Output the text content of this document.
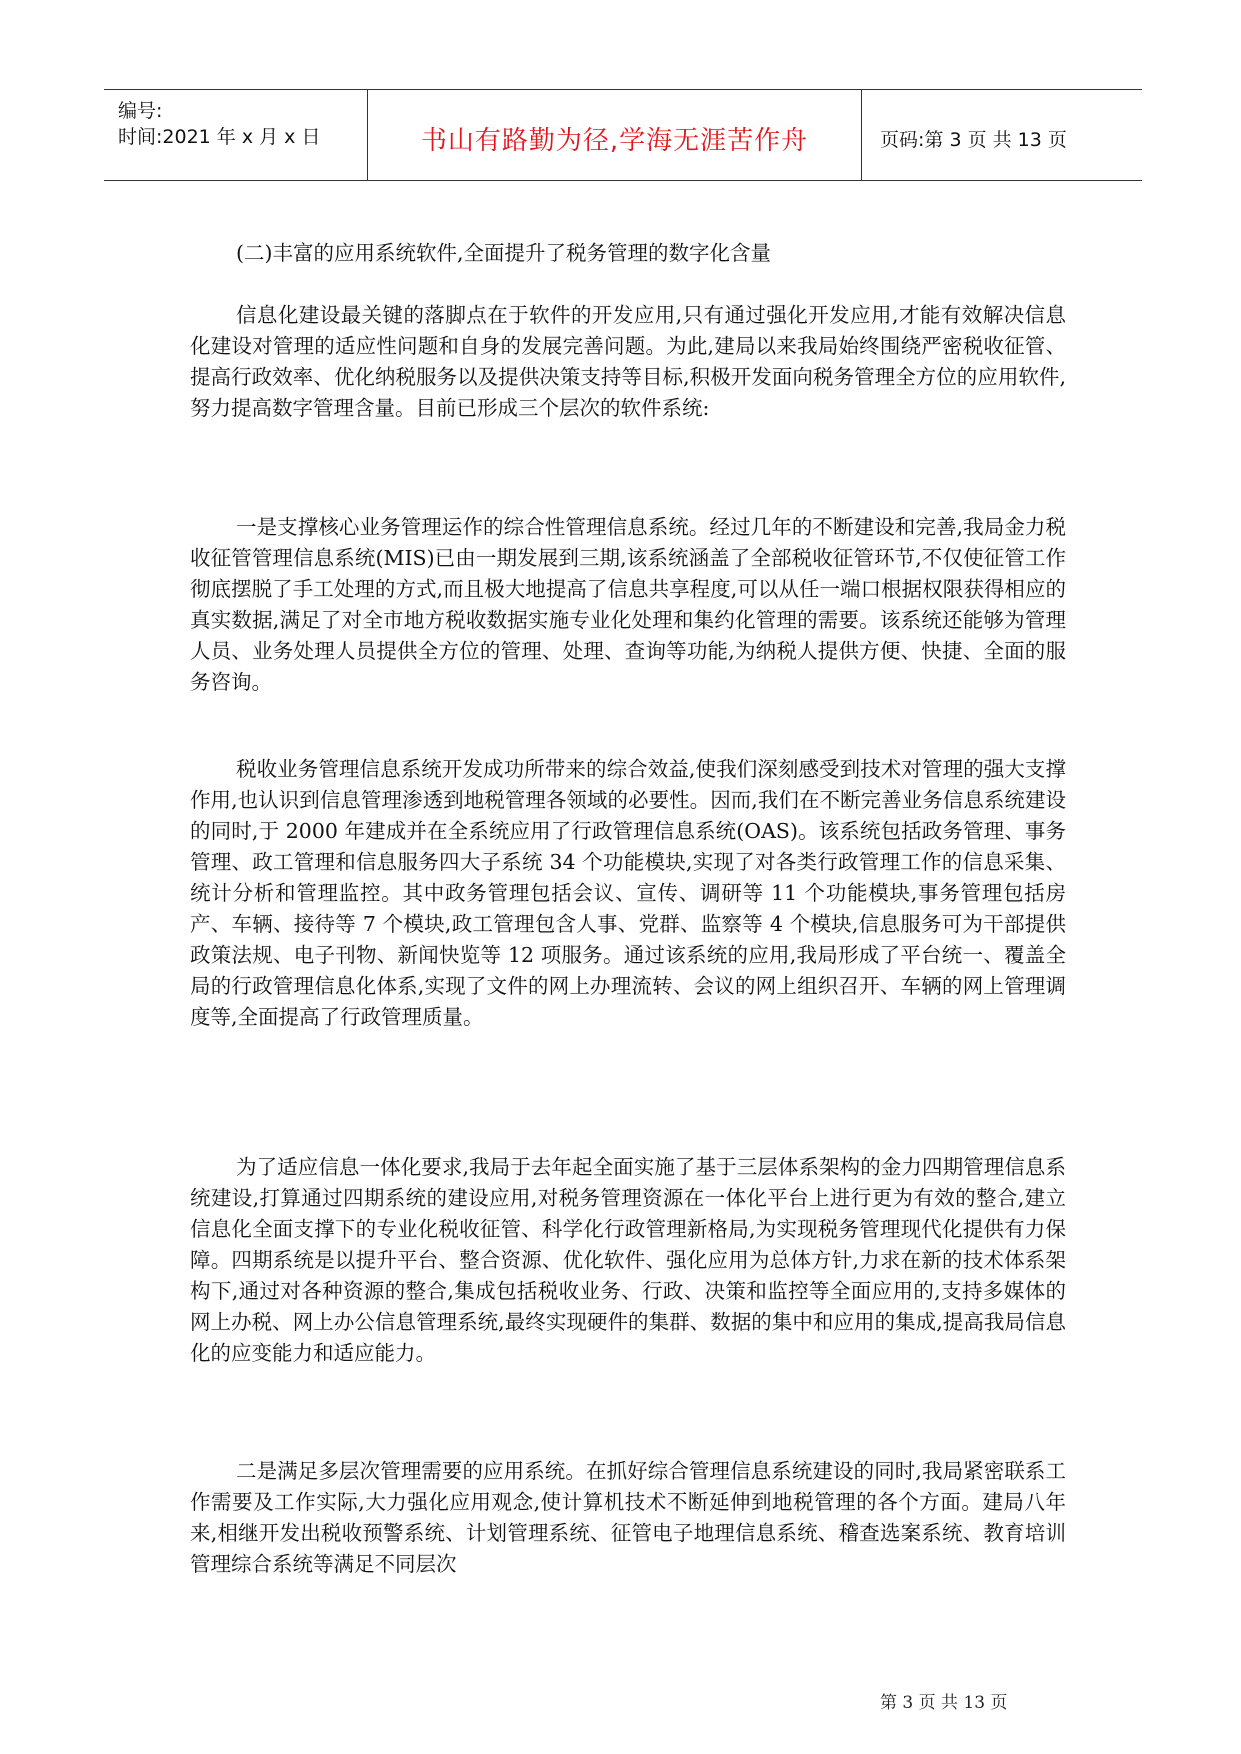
编号:
时间:2021 年 x 月 x 日	书山有路勤为径,学海无涯苦作舟	页码:第 3 页 共 13 页
(二)丰富的应用系统软件,全面提升了税务管理的数字化含量
信息化建设最关键的落脚点在于软件的开发应用,只有通过强化开发应用,才能有效解决信息化建设对管理的适应性问题和自身的发展完善问题。为此,建局以来我局始终围绕严密税收征管、提高行政效率、优化纳税服务以及提供决策支持等目标,积极开发面向税务管理全方位的应用软件,努力提高数字管理含量。目前已形成三个层次的软件系统:
一是支撑核心业务管理运作的综合性管理信息系统。经过几年的不断建设和完善,我局金力税收征管管理信息系统(MIS)已由一期发展到三期,该系统涵盖了全部税收征管环节,不仅使征管工作彻底摆脱了手工处理的方式,而且极大地提高了信息共享程度,可以从任一端口根据权限获得相应的真实数据,满足了对全市地方税收数据实施专业化处理和集约化管理的需要。该系统还能够为管理人员、业务处理人员提供全方位的管理、处理、查询等功能,为纳税人提供方便、快捷、全面的服务咨询。
税收业务管理信息系统开发成功所带来的综合效益,使我们深刻感受到技术对管理的强大支撑作用,也认识到信息管理渗透到地税管理各领域的必要性。因而,我们在不断完善业务信息系统建设的同时,于 2000 年建成并在全系统应用了行政管理信息系统(OAS)。该系统包括政务管理、事务管理、政工管理和信息服务四大子系统 34 个功能模块,实现了对各类行政管理工作的信息采集、统计分析和管理监控。其中政务管理包括会议、宣传、调研等 11 个功能模块,事务管理包括房产、车辆、接待等 7 个模块,政工管理包含人事、党群、监察等 4 个模块,信息服务可为干部提供政策法规、电子刊物、新闻快览等 12 项服务。通过该系统的应用,我局形成了平台统一、覆盖全局的行政管理信息化体系,实现了文件的网上办理流转、会议的网上组织召开、车辆的网上管理调度等,全面提高了行政管理质量。
为了适应信息一体化要求,我局于去年起全面实施了基于三层体系架构的金力四期管理信息系统建设,打算通过四期系统的建设应用,对税务管理资源在一体化平台上进行更为有效的整合,建立信息化全面支撑下的专业化税收征管、科学化行政管理新格局,为实现税务管理现代化提供有力保障。四期系统是以提升平台、整合资源、优化软件、强化应用为总体方针,力求在新的技术体系架构下,通过对各种资源的整合,集成包括税收业务、行政、决策和监控等全面应用的,支持多媒体的网上办税、网上办公信息管理系统,最终实现硬件的集群、数据的集中和应用的集成,提高我局信息化的应变能力和适应能力。
二是满足多层次管理需要的应用系统。在抓好综合管理信息系统建设的同时,我局紧密联系工作需要及工作实际,大力强化应用观念,使计算机技术不断延伸到地税管理的各个方面。建局八年来,相继开发出税收预警系统、计划管理系统、征管电子地理信息系统、稽查选案系统、教育培训管理综合系统等满足不同层次
第 3 页 共 13 页
